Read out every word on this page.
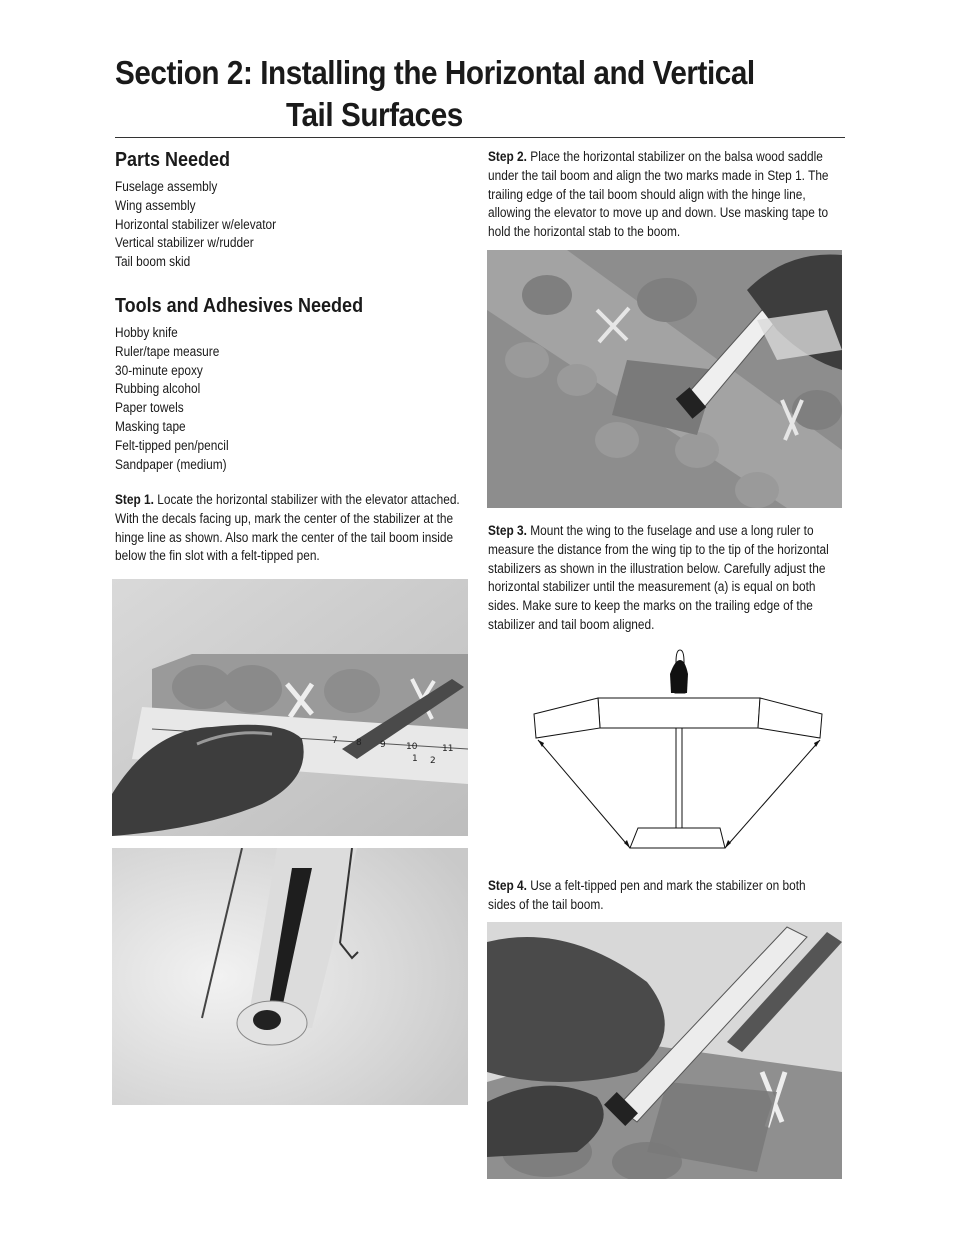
Section 2: Installing the Horizontal and Vertical
Tail Surfaces
Parts Needed
Fuselage assembly
Wing assembly
Horizontal stabilizer w/elevator
Vertical stabilizer w/rudder
Tail boom skid
Tools and Adhesives Needed
Hobby knife
Ruler/tape measure
30-minute epoxy
Rubbing alcohol
Paper towels
Masking tape
Felt-tipped pen/pencil
Sandpaper (medium)

Step 1. Locate the horizontal stabilizer with the elevator attached. With the decals facing up, mark the center of the stabilizer at the hinge line as shown. Also mark the center of the tail boom inside below the fin slot with a felt-tipped pen.

7 8 9 10	11
1 2

Step 2. Place the horizontal stabilizer on the balsa wood saddle under the tail boom and align the two marks made in Step 1. The trailing edge of the tail boom should align with the hinge line, allowing the elevator to move up and down. Use masking tape to hold the horizontal stab to the boom.

Step 3. Mount the wing to the fuselage and use a long ruler to measure the distance from the wing tip to the tip of the horizontal stabilizers as shown in the illustration below. Carefully adjust the horizontal stabilizer until the measurement (a) is equal on both sides. Make sure to keep the marks on the trailing edge of the stabilizer and tail boom aligned.

Step 4. Use a felt-tipped pen and mark the stabilizer on both sides of the tail boom.
